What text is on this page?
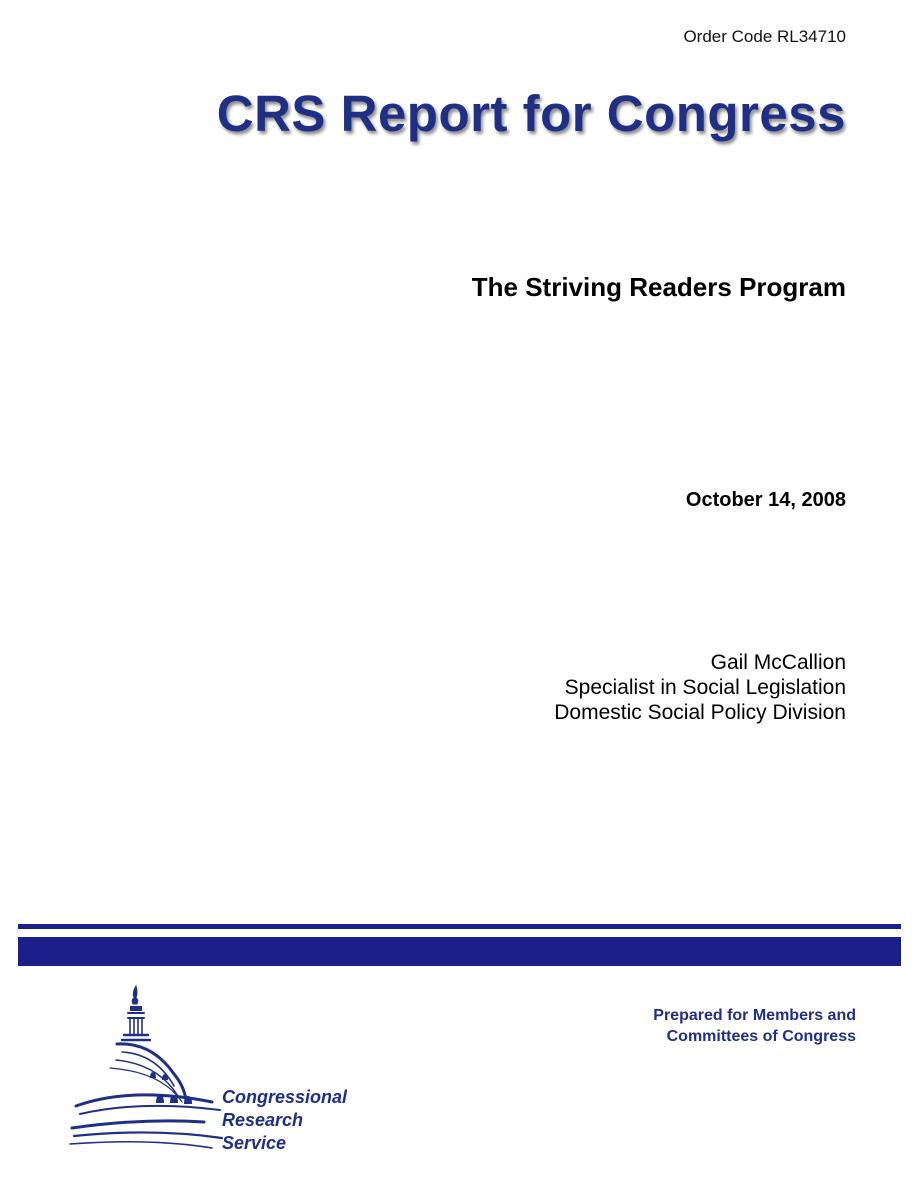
Order Code RL34710
CRS Report for Congress
The Striving Readers Program
October 14, 2008
Gail McCallion
Specialist in Social Legislation
Domestic Social Policy Division
Congressional
Research
Service
Prepared for Members and
Committees of Congress
